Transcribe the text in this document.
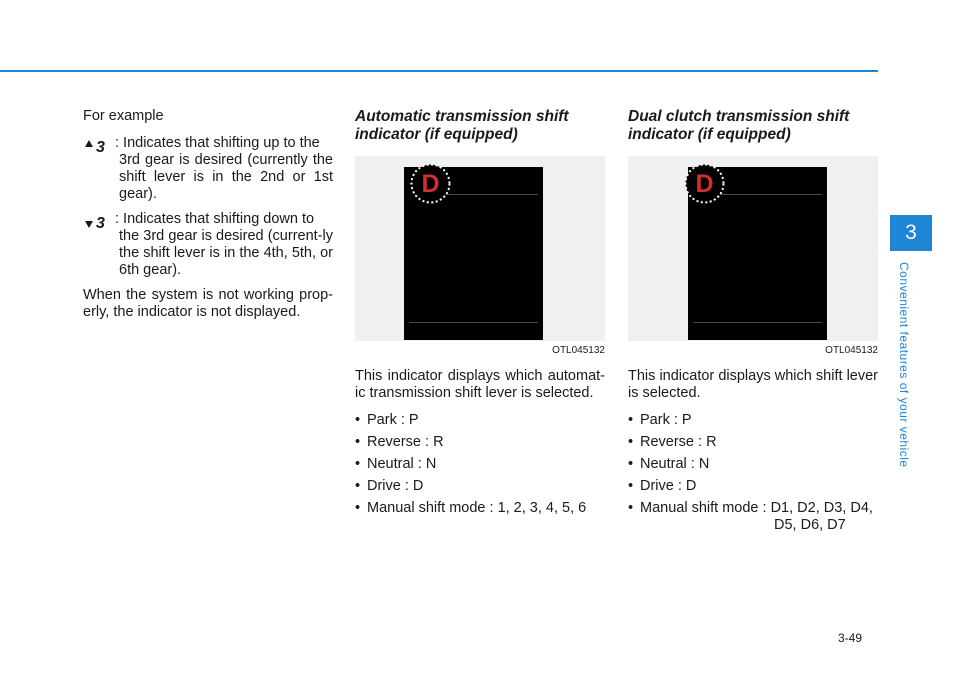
For example

3 : Indicates that shifting up to the
3rd gear is desired (currently the shift lever is in the 2nd or 1st gear).
3 : Indicates that shifting down to
the 3rd gear is desired (current-ly the shift lever is in the 4th, 5th, or 6th gear).

When the system is not working prop-erly, the indicator is not displayed.

Automatic transmission shift indicator (if equipped)
D
OTL045132

This indicator displays which automat-ic transmission shift lever is selected.

• Park : P
• Reverse : R
• Neutral : N
• Drive : D
• Manual shift mode : 1, 2, 3, 4, 5, 6
Dual clutch transmission shift indicator (if equipped)
D
OTL045132

This indicator displays which shift lever is selected.

• Park : P
• Reverse : R
• Neutral : N
• Drive : D
• Manual shift mode : D1, D2, D3, D4,
D5, D6, D7
3
Convenient features of your vehicle
3-49
